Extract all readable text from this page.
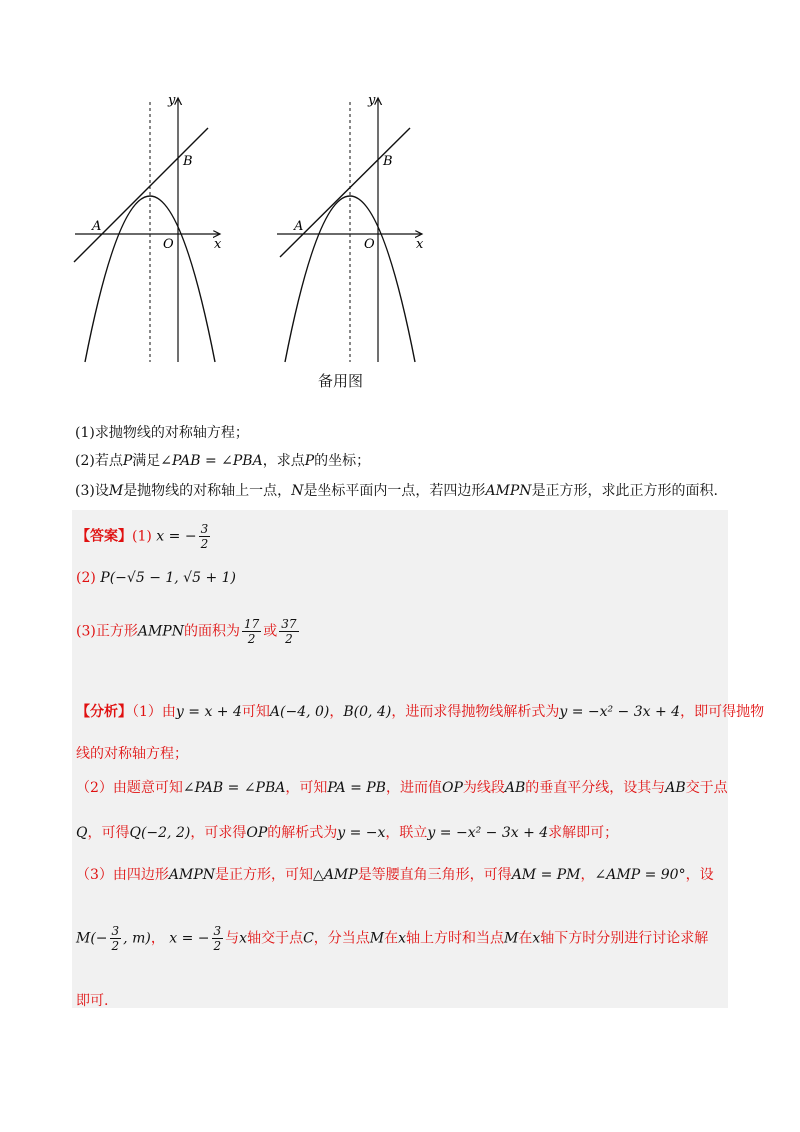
y
x
O
A
B
y
x
O
A
B
备用图
(1)求抛物线的对称轴方程；
(2)若点P满足∠PAB = ∠PBA，求点P的坐标；
(3)设M是抛物线的对称轴上一点，N是坐标平面内一点，若四边形AMPN是正方形，求此正方形的面积.
【答案】(1) x = − $\frac{3}{2}$
(2) P(−√5 − 1, √5 + 1)
(3)正方形AMPN的面积为 $\frac{17}{2}$ 或 $\frac{37}{2}$
【分析】（1）由y = x + 4可知A(−4, 0)，B(0, 4)，进而求得抛物线解析式为y = −x² − 3x + 4，即可得抛物
线的对称轴方程；
（2）由题意可知∠PAB = ∠PBA，可知PA = PB，进而值OP为线段AB的垂直平分线，设其与AB交于点
Q，可得Q(−2, 2)，可求得OP的解析式为y = −x，联立y = −x² − 3x + 4求解即可；
（3）由四边形AMPN是正方形，可知△AMP是等腰直角三角形，可得AM = PM，∠AMP = 90°，设
$M(- \frac{3}{2}$ , m)， x = − $\frac{3}{2}$ 与x轴交于点C，分当点M在x轴上方时和当点M在x轴下方时分别进行讨论求解
即可.
